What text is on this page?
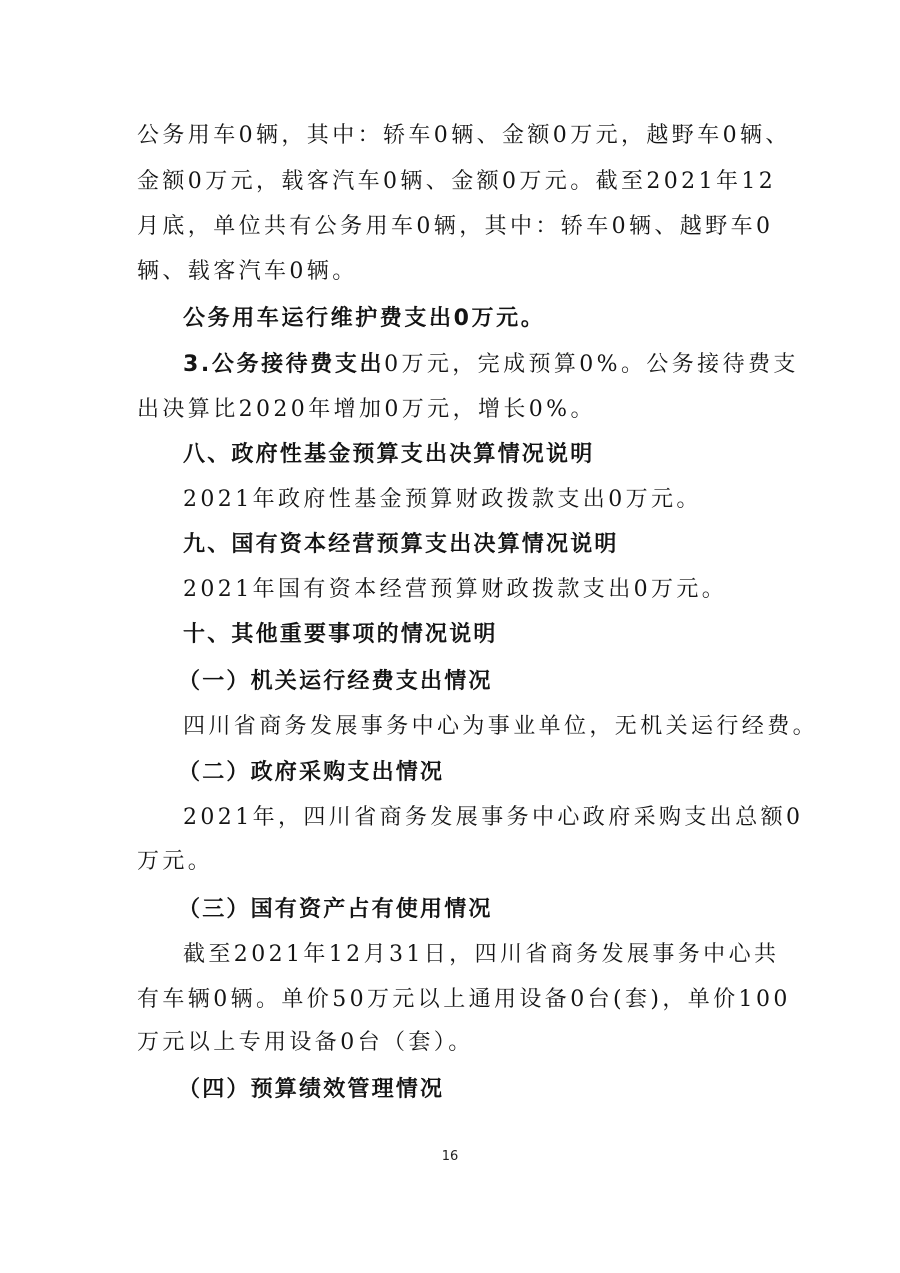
公务用车0辆，其中：轿车0辆、金额0万元，越野车0辆、
金额0万元，载客汽车0辆、金额0万元。截至2021年12
月底，单位共有公务用车0辆，其中：轿车0辆、越野车0
辆、载客汽车0辆。
公务用车运行维护费支出0万元。
3.公务接待费支出0万元，完成预算0%。公务接待费支
出决算比2020年增加0万元，增长0%。
八、政府性基金预算支出决算情况说明
2021年政府性基金预算财政拨款支出0万元。
九、国有资本经营预算支出决算情况说明
2021年国有资本经营预算财政拨款支出0万元。
十、其他重要事项的情况说明
（一）机关运行经费支出情况
四川省商务发展事务中心为事业单位，无机关运行经费。
（二）政府采购支出情况
2021年，四川省商务发展事务中心政府采购支出总额0
万元。
（三）国有资产占有使用情况
截至2021年12月31日，四川省商务发展事务中心共
有车辆0辆。单价50万元以上通用设备0台(套)，单价100
万元以上专用设备0台（套）。
（四）预算绩效管理情况
16
